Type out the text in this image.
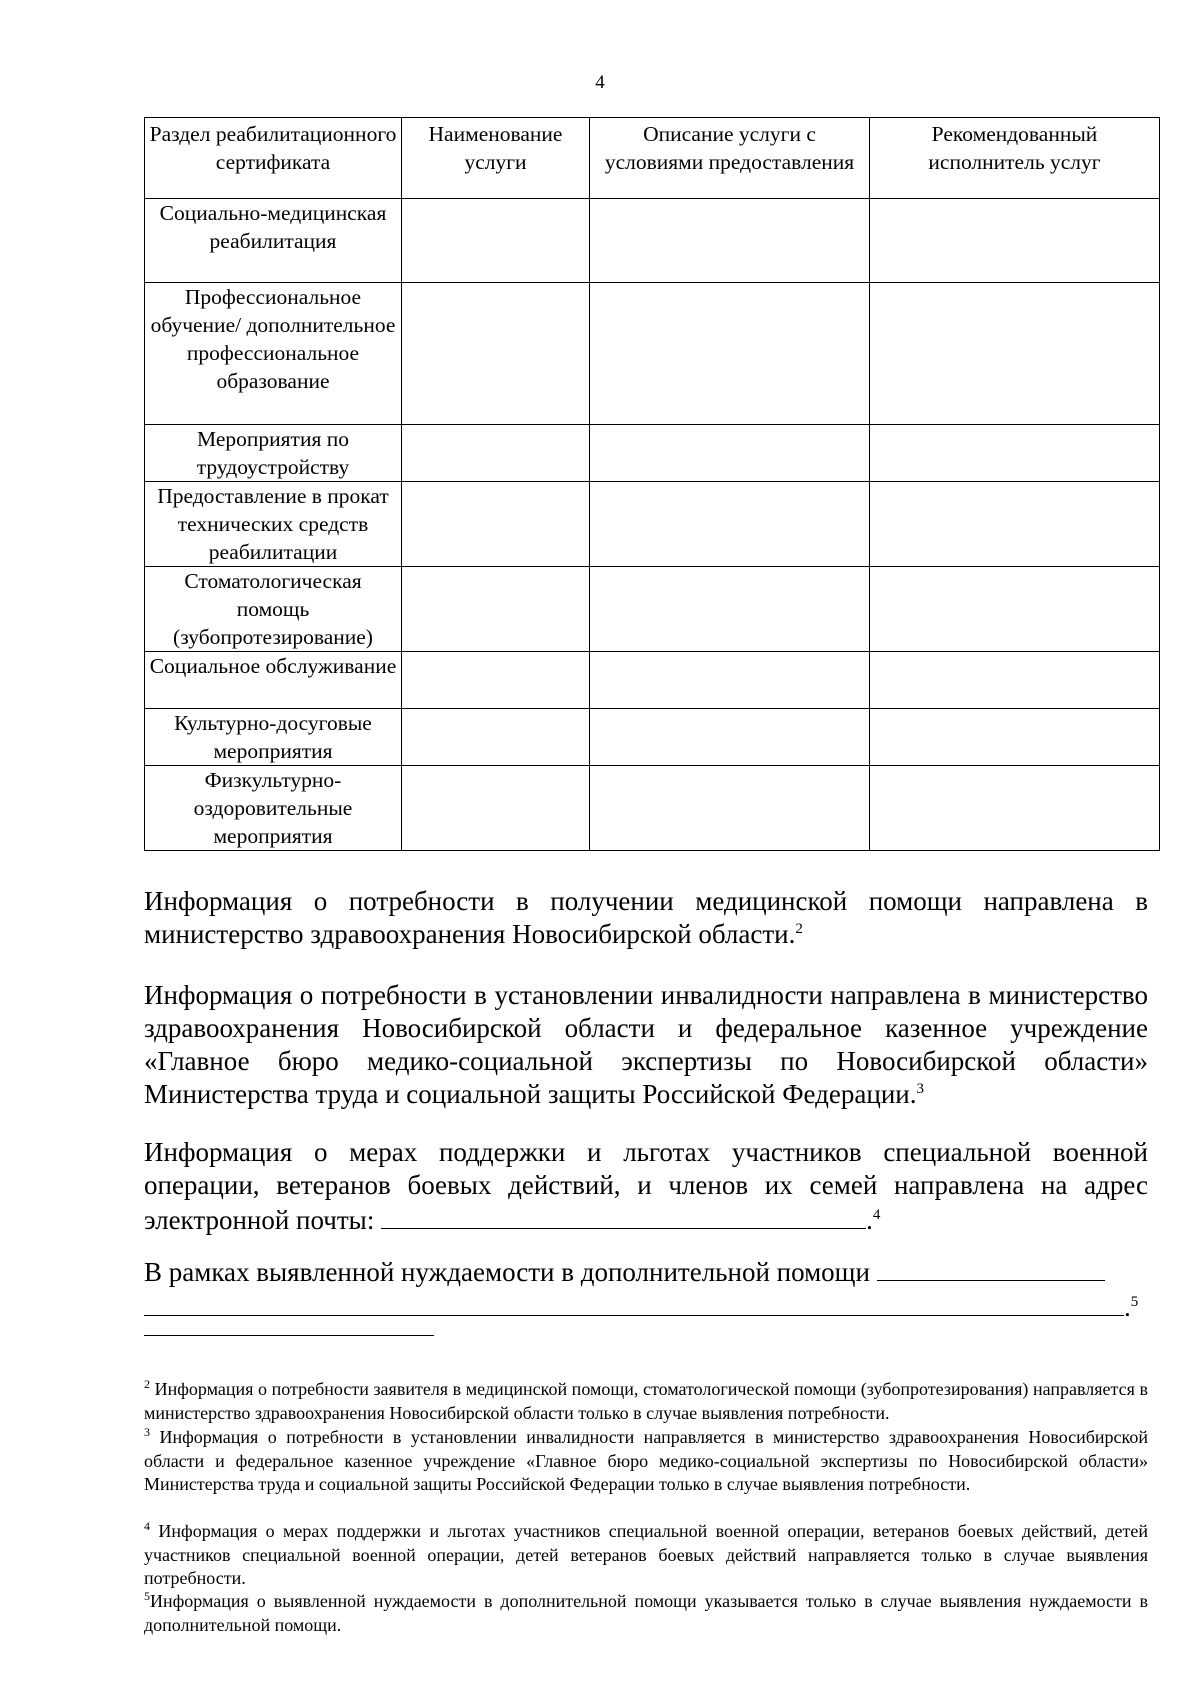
4
Раздел реабилитационного сертификата	Наименование услуги	Описание услуги с условиями предоставления	Рекомендованный исполнитель услуг
Социально-медицинская реабилитация			
Профессиональное обучение/ дополнительное профессиональное образование			
Мероприятия по трудоустройству			
Предоставление в прокат технических средств реабилитации			
Стоматологическая помощь (зубопротезирование)			
Социальное обслуживание			
Культурно-досуговые мероприятия			
Физкультурно-оздоровительные мероприятия			
Информация о потребности в получении медицинской помощи направлена в министерство здравоохранения Новосибирской области.$^2$
Информация о потребности в установлении инвалидности направлена в министерство здравоохранения Новосибирской области и федеральное казенное учреждение «Главное бюро медико-социальной экспертизы по Новосибирской области» Министерства труда и социальной защиты Российской Федерации.$^3$
Информация о мерах поддержки и льготах участников специальной военной операции, ветеранов боевых действий, и членов их семей направлена на адрес электронной почты:	.$^4$
В рамках выявленной нуждаемости в дополнительной помощи
.$^5$
$^2$ Информация о потребности заявителя в медицинской помощи, стоматологической помощи (зубопротезирования) направляется в министерство здравоохранения Новосибирской области только в случае выявления потребности.
$^3$ Информация о потребности в установлении инвалидности направляется в министерство здравоохранения Новосибирской области и федеральное казенное учреждение «Главное бюро медико-социальной экспертизы по Новосибирской области» Министерства труда и социальной защиты Российской Федерации только в случае выявления потребности.
$^4$ Информация о мерах поддержки и льготах участников специальной военной операции, ветеранов боевых действий, детей участников специальной военной операции, детей ветеранов боевых действий направляется только в случае выявления потребности.
$^5$Информация о выявленной нуждаемости в дополнительной помощи указывается только в случае выявления нуждаемости в дополнительной помощи.
